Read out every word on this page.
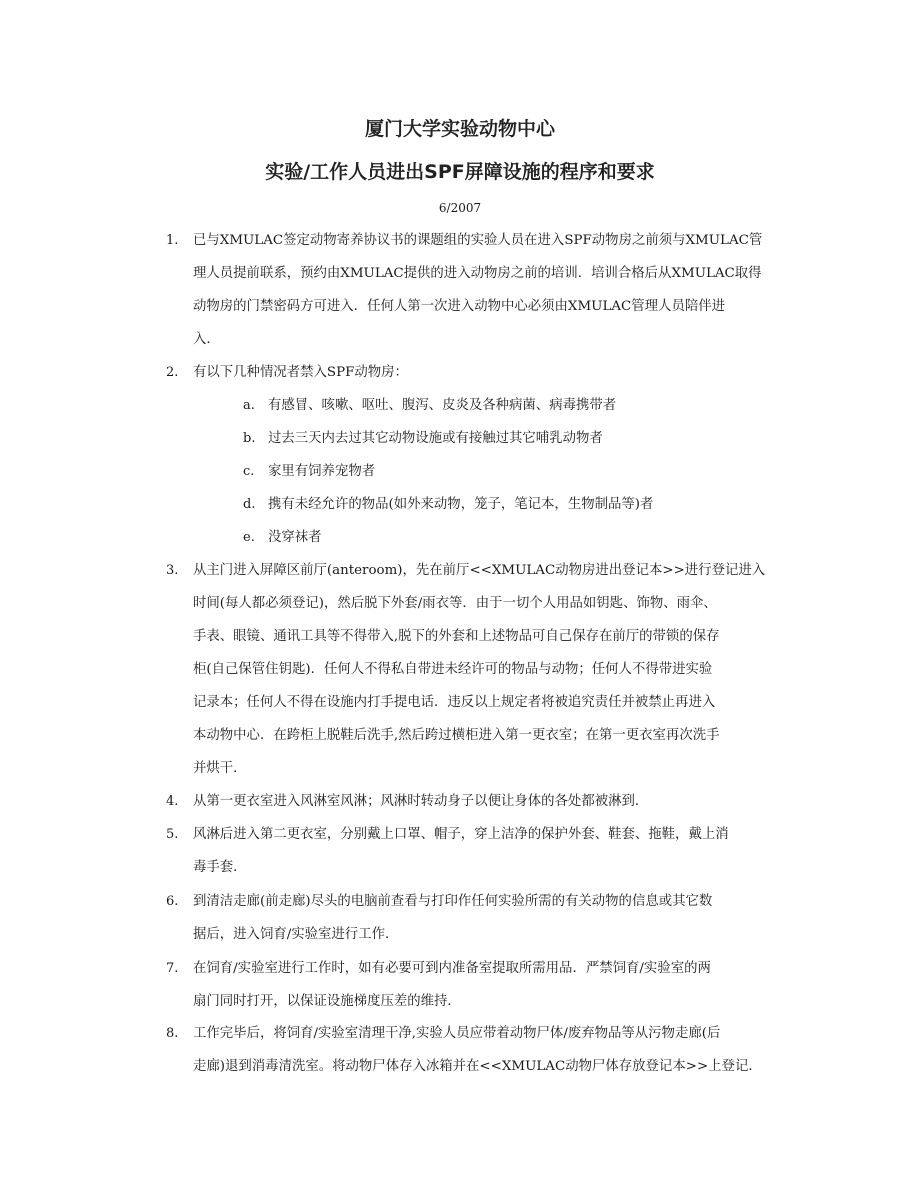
厦门大学实验动物中心
实验/工作人员进出SPF屏障设施的程序和要求
6/2007
1. 已与XMULAC签定动物寄养协议书的课题组的实验人员在进入SPF动物房之前须与XMULAC管
理人员提前联系，预约由XMULAC提供的进入动物房之前的培训．培训合格后从XMULAC取得
动物房的门禁密码方可进入．任何人第一次进入动物中心必须由XMULAC管理人员陪伴进
入．
2. 有以下几种情况者禁入SPF动物房：
a. 有感冒、咳嗽、呕吐、腹泻、皮炎及各种病菌、病毒携带者
b. 过去三天内去过其它动物设施或有接触过其它哺乳动物者
c. 家里有饲养宠物者
d. 携有未经允许的物品(如外来动物，笼子，笔记本，生物制品等)者
e. 没穿袜者
3. 从主门进入屏障区前厅(anteroom)，先在前厅<<XMULAC动物房进出登记本>>进行登记进入
时间(每人都必须登记)，然后脱下外套/雨衣等．由于一切个人用品如钥匙、饰物、雨伞、
手表、眼镜、通讯工具等不得带入,脱下的外套和上述物品可自己保存在前厅的带锁的保存
柜(自己保管住钥匙)．任何人不得私自带进未经许可的物品与动物；任何人不得带进实验
记录本；任何人不得在设施内打手提电话．违反以上规定者将被追究责任并被禁止再进入
本动物中心．在跨柜上脱鞋后洗手,然后跨过横柜进入第一更衣室；在第一更衣室再次洗手
并烘干．
4. 从第一更衣室进入风淋室风淋；风淋时转动身子以便让身体的各处都被淋到．
5. 风淋后进入第二更衣室，分别戴上口罩、帽子，穿上洁净的保护外套、鞋套、拖鞋，戴上消
毒手套．
6. 到清洁走廊(前走廊)尽头的电脑前查看与打印作任何实验所需的有关动物的信息或其它数
据后，进入饲育/实验室进行工作．
7. 在饲育/实验室进行工作时，如有必要可到内准备室提取所需用品．严禁饲育/实验室的两
扇门同时打开，以保证设施梯度压差的维持．
8. 工作完毕后，将饲育/实验室清理干净,实验人员应带着动物尸体/废弃物品等从污物走廊(后
走廊)退到消毒清洗室。将动物尸体存入冰箱并在<<XMULAC动物尸体存放登记本>>上登记．
